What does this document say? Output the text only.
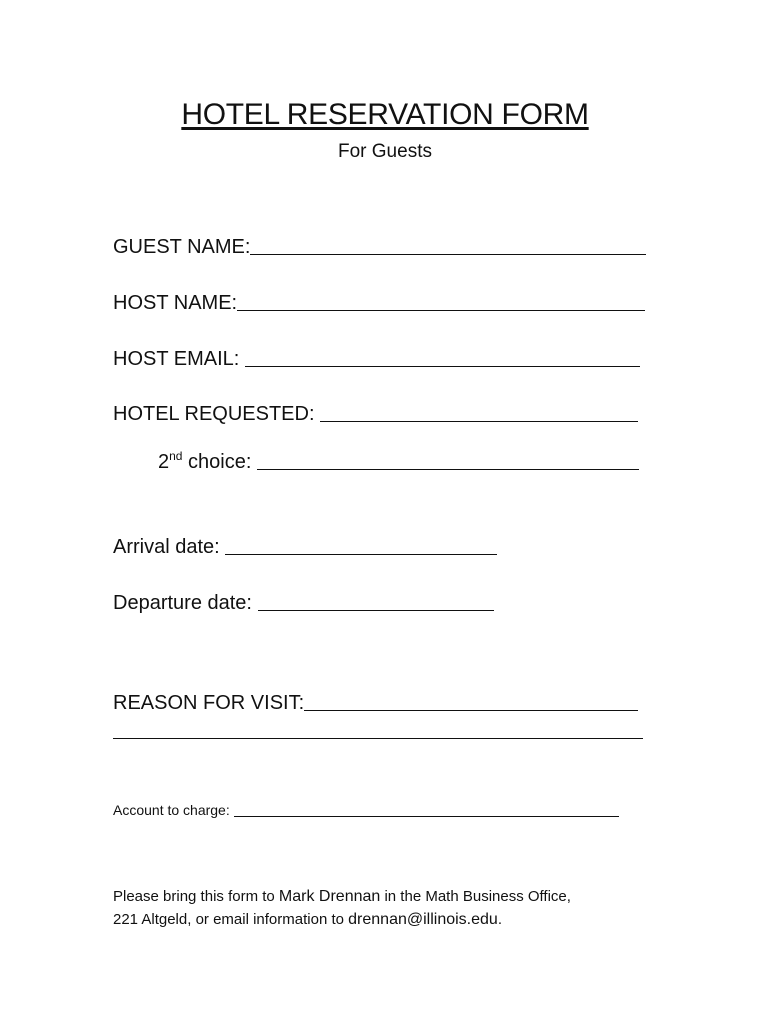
HOTEL RESERVATION FORM
For Guests
GUEST NAME:
HOST NAME:
HOST EMAIL:
HOTEL REQUESTED:
2nd choice:
Arrival date:
Departure date:
REASON FOR VISIT:
Account to charge:
Please bring this form to Mark Drennan in the Math Business Office,
221 Altgeld, or email information to drennan@illinois.edu.
